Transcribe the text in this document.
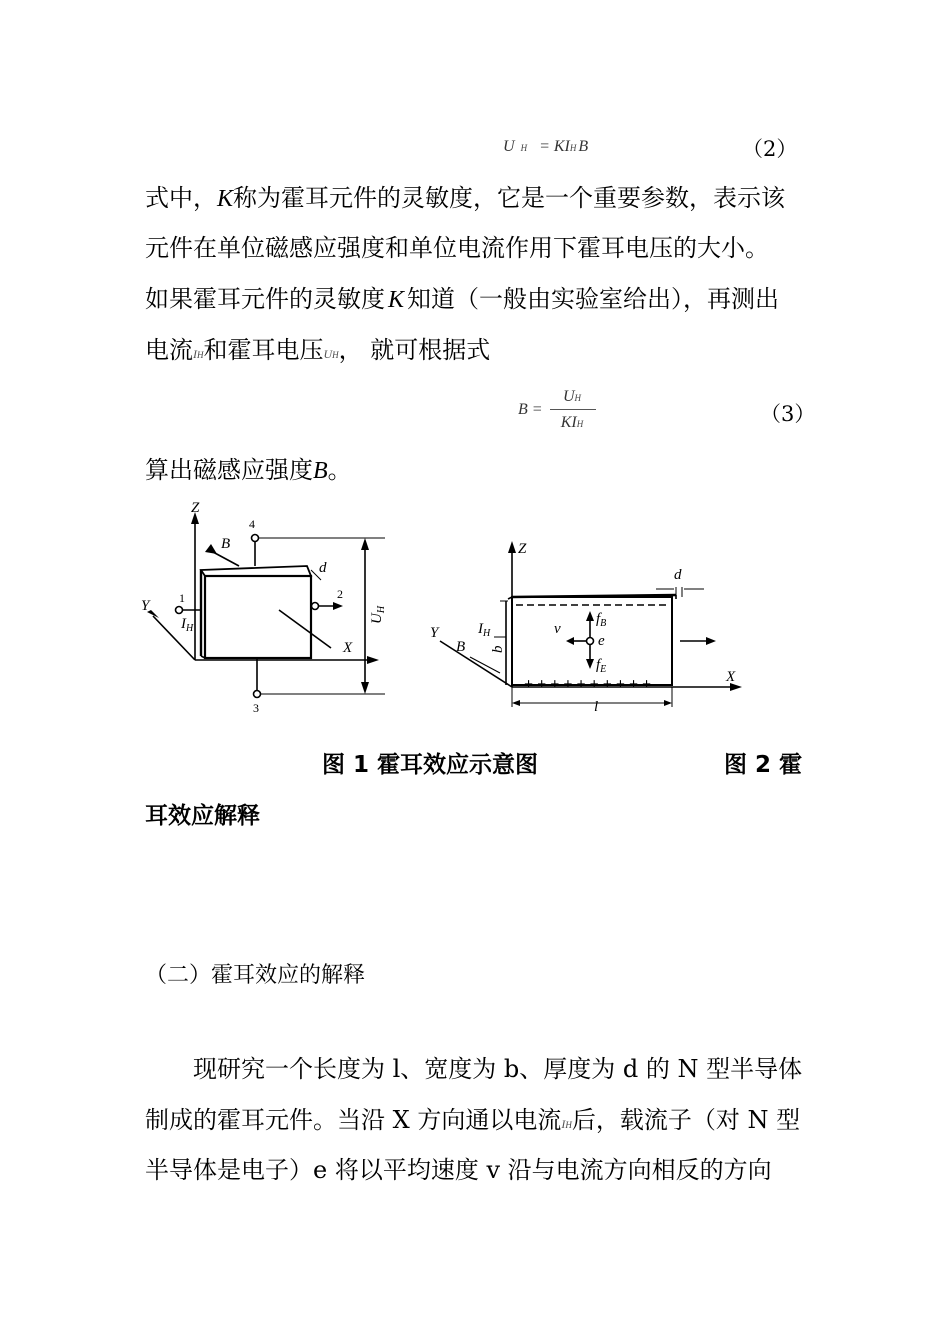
U H = KIH B	（2）
式中，K称为霍耳元件的灵敏度，它是一个重要参数，表示该
元件在单位磁感应强度和单位电流作用下霍耳电压的大小。
如果霍耳元件的灵敏度 K 知道（一般由实验室给出），再测出
电流IH和霍耳电压UH， 就可根据式
B =
UH
KIH	（3）
算出磁感应强度B。
Z
B
4
d
2
1
Y
$I_H$
X
$U_H$
3
Z
d
Y
B
$I_H$
b
v
$f_B$
e
$f_E$	X
l
+ + + + + + + + + +
图 1 霍耳效应示意图	图 2 霍
耳效应解释
（二）霍耳效应的解释
现研究一个长度为 l、宽度为 b、厚度为 d 的 N 型半导体
制成的霍耳元件。当沿 X 方向通以电流IH后，载流子（对 N 型
半导体是电子）e 将以平均速度 v 沿与电流方向相反的方向
